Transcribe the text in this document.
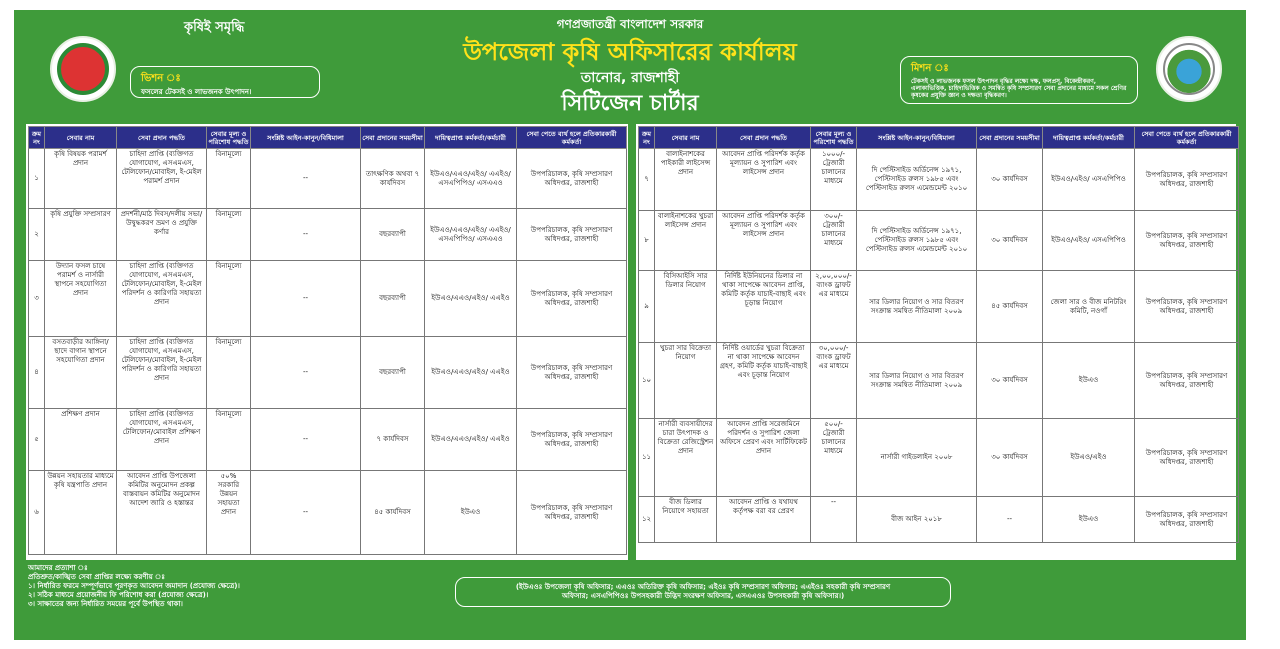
কৃষিই সমৃদ্ধি
ভিশন ঃ
ফসলের টেকসই ও লাভজনক উৎপাদন।
গণপ্রজাতন্ত্রী বাংলাদেশ সরকার
উপজেলা কৃষি অফিসারের কার্যালয়
তানোর, রাজশাহী
সিটিজেন চার্টার
মিশন ঃ
টেকসই ও লাভজনক ফসল উৎপাদন বৃদ্ধির লক্ষ্যে দক্ষ, ফলপ্রসূ, বিকেন্দ্রীকরণ, এলাকাভিত্তিক, চাহিদাভিত্তিক ও সমন্বিত কৃষি সম্প্রসারণ সেবা প্রদানের মাধ্যমে সকল শ্রেণির কৃষকের প্রযুক্তি জ্ঞান ও দক্ষতা বৃদ্ধিকরণ।
ক্রম নং	সেবার নাম	সেবা প্রদান পদ্ধতি	সেবার মূল্য ও পরিশোধ পদ্ধতি	সংশ্লিষ্ট আইন-কানুন/বিধিমালা	সেবা প্রদানের সময়সীমা	দায়িত্বপ্রাপ্ত কর্মকর্তা/কর্মচারী	সেবা পেতে ব্যর্থ হলে প্রতিকারকারী কর্মকর্তা
১	কৃষি বিষয়ক পরামর্শ প্রদান	চাহিদা প্রাপ্তি (ব্যক্তিগত যোগাযোগ, এসএমএস, টেলিফোন/মোবাইল, ই-মেইল পরামর্শ প্রদান	বিনামূল্যে	--	তাৎক্ষণিক অথবা ৭ কার্যদিবস	ইউএও/এএও/এইও/ এএইও/এসএপিপিও/ এসএএও	উপপরিচালক, কৃষি সম্প্রসারণ অধিদপ্তর, রাজশাহী
২	কৃষি প্রযুক্তি সম্প্রসারণ	প্রদর্শনী/মাঠ দিবস/দলীয় সভা/উদ্বুদ্ধকরণ ভ্রমণ ও প্রযুক্তি কর্ণার	বিনামূল্যে	--	বছরব্যাপী	ইউএও/এএও/এইও/ এএইও/এসএপিপিও/ এসএএও	উপপরিচালক, কৃষি সম্প্রসারণ অধিদপ্তর, রাজশাহী
৩	উদ্যান ফসল চাষে পরামর্শ ও নার্সারী স্থাপনে সহযোগিতা প্রদান	চাহিদা প্রাপ্তি (ব্যক্তিগত যোগাযোগ, এসএমএস, টেলিফোন/মোবাইল, ই-মেইল পরিদর্শন ও কারিগরি সহায়তা প্রদান	বিনামূল্যে	--	বছরব্যাপী	ইউএও/এএও/এইও/ এএইও	উপপরিচালক, কৃষি সম্প্রসারণ অধিদপ্তর, রাজশাহী
৪	বসতবাড়ীর আঙ্গিনা/ছাদে বাগান স্থাপনে সহযোগিতা প্রদান	চাহিদা প্রাপ্তি (ব্যক্তিগত যোগাযোগ, এসএমএস, টেলিফোন/মোবাইল, ই-মেইল পরিদর্শন ও কারিগরি সহায়তা প্রদান	বিনামূল্যে	--	বছরব্যাপী	ইউএও/এএও/এইও/ এএইও	উপপরিচালক, কৃষি সম্প্রসারণ অধিদপ্তর, রাজশাহী
৫	প্রশিক্ষণ প্রদান	চাহিদা প্রাপ্তি (ব্যক্তিগত যোগাযোগ, এসএমএস, টেলিফোন/মোবাইল প্রশিক্ষণ প্রদান	বিনামূল্যে	--	৭ কার্যদিবস	ইউএও/এএও/এইও/ এএইও	উপপরিচালক, কৃষি সম্প্রসারণ অধিদপ্তর, রাজশাহী
৬	উন্নয়ন সহায়তার মাধ্যমে কৃষি যন্ত্রপাতি প্রদান	আবেদন প্রাপ্তি উপজেলা কমিটির অনুমোদন প্রকল্প বাস্তবায়ন কমিটির অনুমোদন আদেশ জারি ও হস্তান্তর	৫০% সরকারি উন্নয়ন সহায়তা প্রদান	--	৪৫ কার্যদিবস	ইউএও	উপপরিচালক, কৃষি সম্প্রসারণ অধিদপ্তর, রাজশাহী
ক্রম নং	সেবার নাম	সেবা প্রদান পদ্ধতি	সেবার মূল্য ও পরিশোধ পদ্ধতি	সংশ্লিষ্ট আইন-কানুন/বিধিমালা	সেবা প্রদানের সময়সীমা	দায়িত্বপ্রাপ্ত কর্মকর্তা/কর্মচারী	সেবা পেতে ব্যর্থ হলে প্রতিকারকারী কর্মকর্তা
৭	বালাইনাশকের পাইকারী লাইসেন্স প্রদান	আবেদন প্রাপ্তি পরিদর্শক কর্তৃক মূল্যায়ন ও সুপারিশ এবং লাইসেন্স প্রদান	১০০০/- ট্রেজারী চালানের মাধ্যমে	দি পেস্টিসাইড অর্ডিনেন্স ১৯৭১, পেস্টিসাইড রুলস ১৯৮৫ এবং পেস্টিসাইড রুলস এমেন্ডমেন্ট ২০১০	৩০ কার্যদিবস	ইউএও/এইও/ এসএপিপিও	উপপরিচালক, কৃষি সম্প্রসারণ অধিদপ্তর, রাজশাহী
৮	বালাইনাশকের খুচরা লাইসেন্স প্রদান	আবেদন প্রাপ্তি পরিদর্শক কর্তৃক মূল্যায়ন ও সুপারিশ এবং লাইসেন্স প্রদান	৩০০/- ট্রেজারী চালানের মাধ্যমে	দি পেস্টিসাইড অর্ডিনেন্স ১৯৭১, পেস্টিসাইড রুলস ১৯৮৫ এবং পেস্টিসাইড রুলস এমেন্ডমেন্ট ২০১০	৩০ কার্যদিবস	ইউএও/এইও/ এসএপিপিও	উপপরিচালক, কৃষি সম্প্রসারণ অধিদপ্তর, রাজশাহী
৯	বিসিআইসি সার ডিলার নিয়োগ	নির্দিষ্ট ইউনিয়নের ডিলার না থাকা সাপেক্ষে আবেদন প্রাপ্তি, কমিটি কর্তৃক যাচাই-বাছাই এবং চূড়ান্ত নিয়োগ	২,০০,০০০/- ব্যাংক ড্রাফট এর মাধ্যমে	সার ডিলার নিয়োগ ও সার বিতরণ সংক্রান্ত সমন্বিত নীতিমালা ২০০৯	৪৫ কার্যদিবস	জেলা সার ও বীজ মনিটরিং কমিটি, নওগাঁ	উপপরিচালক, কৃষি সম্প্রসারণ অধিদপ্তর, রাজশাহী
১০	খুচরা সার বিক্রেতা নিয়োগ	নির্দিষ্ট ওয়ার্ডের খুচরা বিক্রেতা না থাকা সাপেক্ষে আবেদন গ্রহণ, কমিটি কর্তৃক যাচাই-বাছাই এবং চূড়ান্ত নিয়োগ	৩০,০০০/- ব্যাংক ড্রাফট এর মাধ্যমে	সার ডিলার নিয়োগ ও সার বিতরণ সংক্রান্ত সমন্বিত নীতিমালা ২০০৯	৩০ কার্যদিবস	ইউএও	উপপরিচালক, কৃষি সম্প্রসারণ অধিদপ্তর, রাজশাহী
১১	নার্সারী ব্যবসায়ীদের চারা উৎপাদক ও বিক্রেতা রেজিস্ট্রেশন প্রদান	আবেদন প্রাপ্তি সরেজমিনে পরিদর্শন ও সুপারিশ জেলা অফিসে প্রেরণ এবং সার্টিফিকেট প্রদান	৫০০/- ট্রেজারী চালানের মাধ্যমে	নার্সারী গাইডলাইন ২০০৮	৩০ কার্যদিবস	ইউএও/এইও	উপপরিচালক, কৃষি সম্প্রসারণ অধিদপ্তর, রাজশাহী
১২	বীজ ডিলার নিয়োগে সহায়তা	আবেদন প্রাপ্তি ও যথাযথ কর্তৃপক্ষ বরা বর প্রেরণ	--	বীজ আইন ২০১৮	--	ইউএও	উপপরিচালক, কৃষি সম্প্রসারণ অধিদপ্তর, রাজশাহী
আমাদের প্রত্যাশা ঃ
প্রতিশ্রুত/কাঙ্খিত সেবা প্রাপ্তির লক্ষ্যে করণীয় ঃ
১। নির্ধারিত ফরমে সম্পূর্ণভাবে পূরণকৃত আবেদন জমাদান (প্রযোজ্য ক্ষেত্রে)।
২। সঠিক মাধ্যমে প্রয়োজনীয় ফি পরিশোধ করা (প্রযোজ্য ক্ষেত্রে)।
৩। সাক্ষাতের জন্য নির্ধারিত সময়ের পূর্বে উপস্থিত থাকা।
(ইউএওঃ উপজেলা কৃষি অফিসার; এএওঃ অতিরিক্ত কৃষি অফিসার; এইওঃ কৃষি সম্প্রসারণ অফিসার; এএইওঃ সহকারী কৃষি সম্প্রসারণ
অফিসার; এসএপিপিওঃ উপসহকারী উদ্ভিদ সংরক্ষণ অফিসার, এসএএওঃ উপসহকারী কৃষি অফিসার।)
